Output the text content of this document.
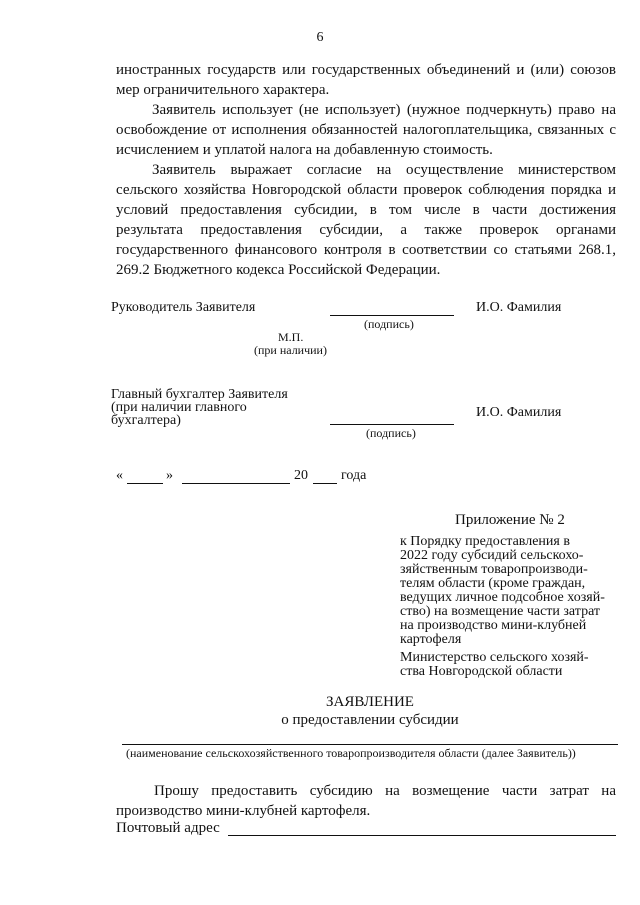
6
иностранных государств или государственных объединений и (или) союзов
мер ограничительного характера.
Заявитель использует (не использует) (нужное подчеркнуть) право на
освобождение от исполнения обязанностей налогоплательщика, связанных с
исчислением и уплатой налога на добавленную стоимость.
Заявитель выражает согласие на осуществление министерством
сельского хозяйства Новгородской области проверок соблюдения порядка и
условий предоставления субсидии, в том числе в части достижения
результата предоставления субсидии, а также проверок органами
государственного финансового контроля в соответствии со статьями 268.1,
269.2 Бюджетного кодекса Российской Федерации.
Руководитель Заявителя
(подпись)
И.О. Фамилия
М.П.
(при наличии)
Главный бухгалтер Заявителя
(при наличии главного
бухгалтера)
(подпись)
И.О. Фамилия
«	»	20 года
Приложение № 2
к Порядку предоставления в
2022 году субсидий сельскохо-
зяйственным товаропроизводи-
телям области (кроме граждан,
ведущих личное подсобное хозяй-
ство) на возмещение части затрат
на производство мини-клубней
картофеля
Министерство сельского хозяй-
ства Новгородской области
ЗАЯВЛЕНИЕ
о предоставлении субсидии
(наименование сельскохозяйственного товаропроизводителя области (далее Заявитель))
Прошу предоставить субсидию на возмещение части затрат на
производство мини-клубней картофеля.
Почтовый адрес
